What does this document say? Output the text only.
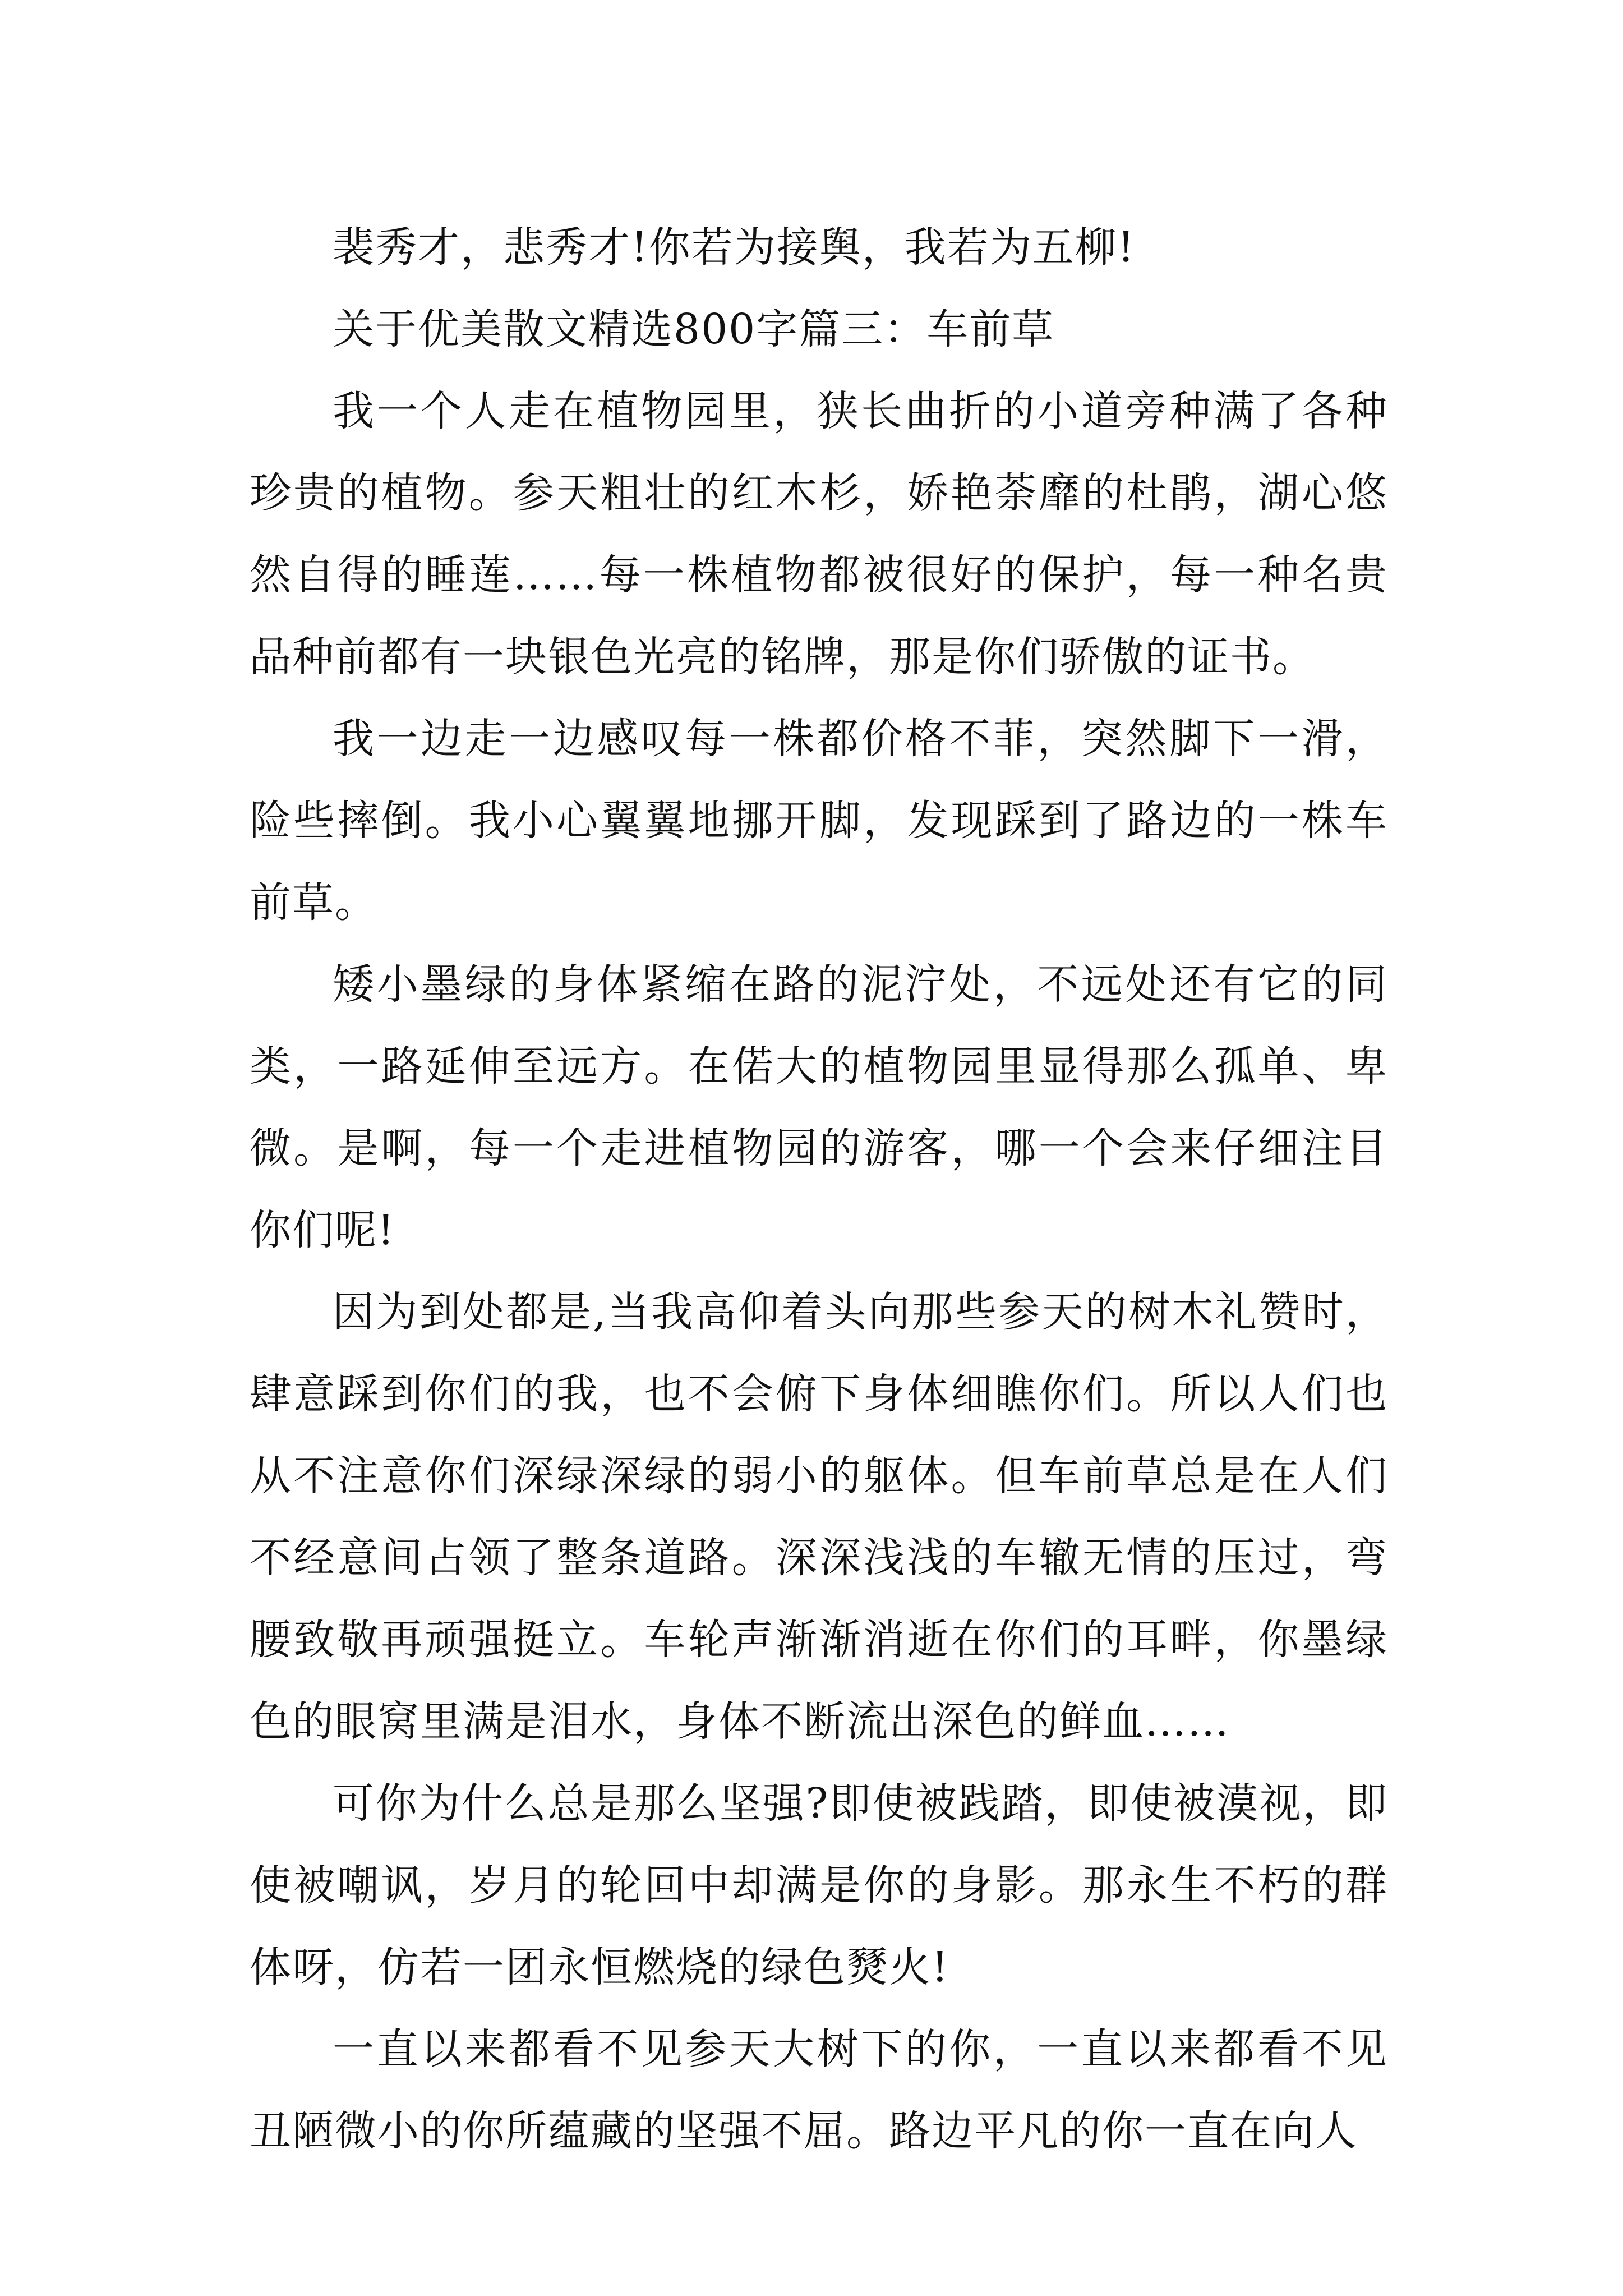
裴秀才，悲秀才!你若为接舆，我若为五柳!

关于优美散文精选800字篇三：车前草

我一个人走在植物园里，狭长曲折的小道旁种满了各种珍贵的植物。参天粗壮的红木杉，娇艳荼靡的杜鹃，湖心悠然自得的睡莲……每一株植物都被很好的保护，每一种名贵品种前都有一块银色光亮的铭牌，那是你们骄傲的证书。

我一边走一边感叹每一株都价格不菲，突然脚下一滑，险些摔倒。我小心翼翼地挪开脚，发现踩到了路边的一株车前草。

矮小墨绿的身体紧缩在路的泥泞处，不远处还有它的同类，一路延伸至远方。在偌大的植物园里显得那么孤单、卑微。是啊，每一个走进植物园的游客，哪一个会来仔细注目你们呢!

因为到处都是,当我高仰着头向那些参天的树木礼赞时，肆意踩到你们的我，也不会俯下身体细瞧你们。所以人们也从不注意你们深绿深绿的弱小的躯体。但车前草总是在人们不经意间占领了整条道路。深深浅浅的车辙无情的压过，弯腰致敬再顽强挺立。车轮声渐渐消逝在你们的耳畔，你墨绿色的眼窝里满是泪水，身体不断流出深色的鲜血……

可你为什么总是那么坚强?即使被践踏，即使被漠视，即使被嘲讽，岁月的轮回中却满是你的身影。那永生不朽的群体呀，仿若一团永恒燃烧的绿色燹火!

一直以来都看不见参天大树下的你，一直以来都看不见丑陋微小的你所蕴藏的坚强不屈。路边平凡的你一直在向人
